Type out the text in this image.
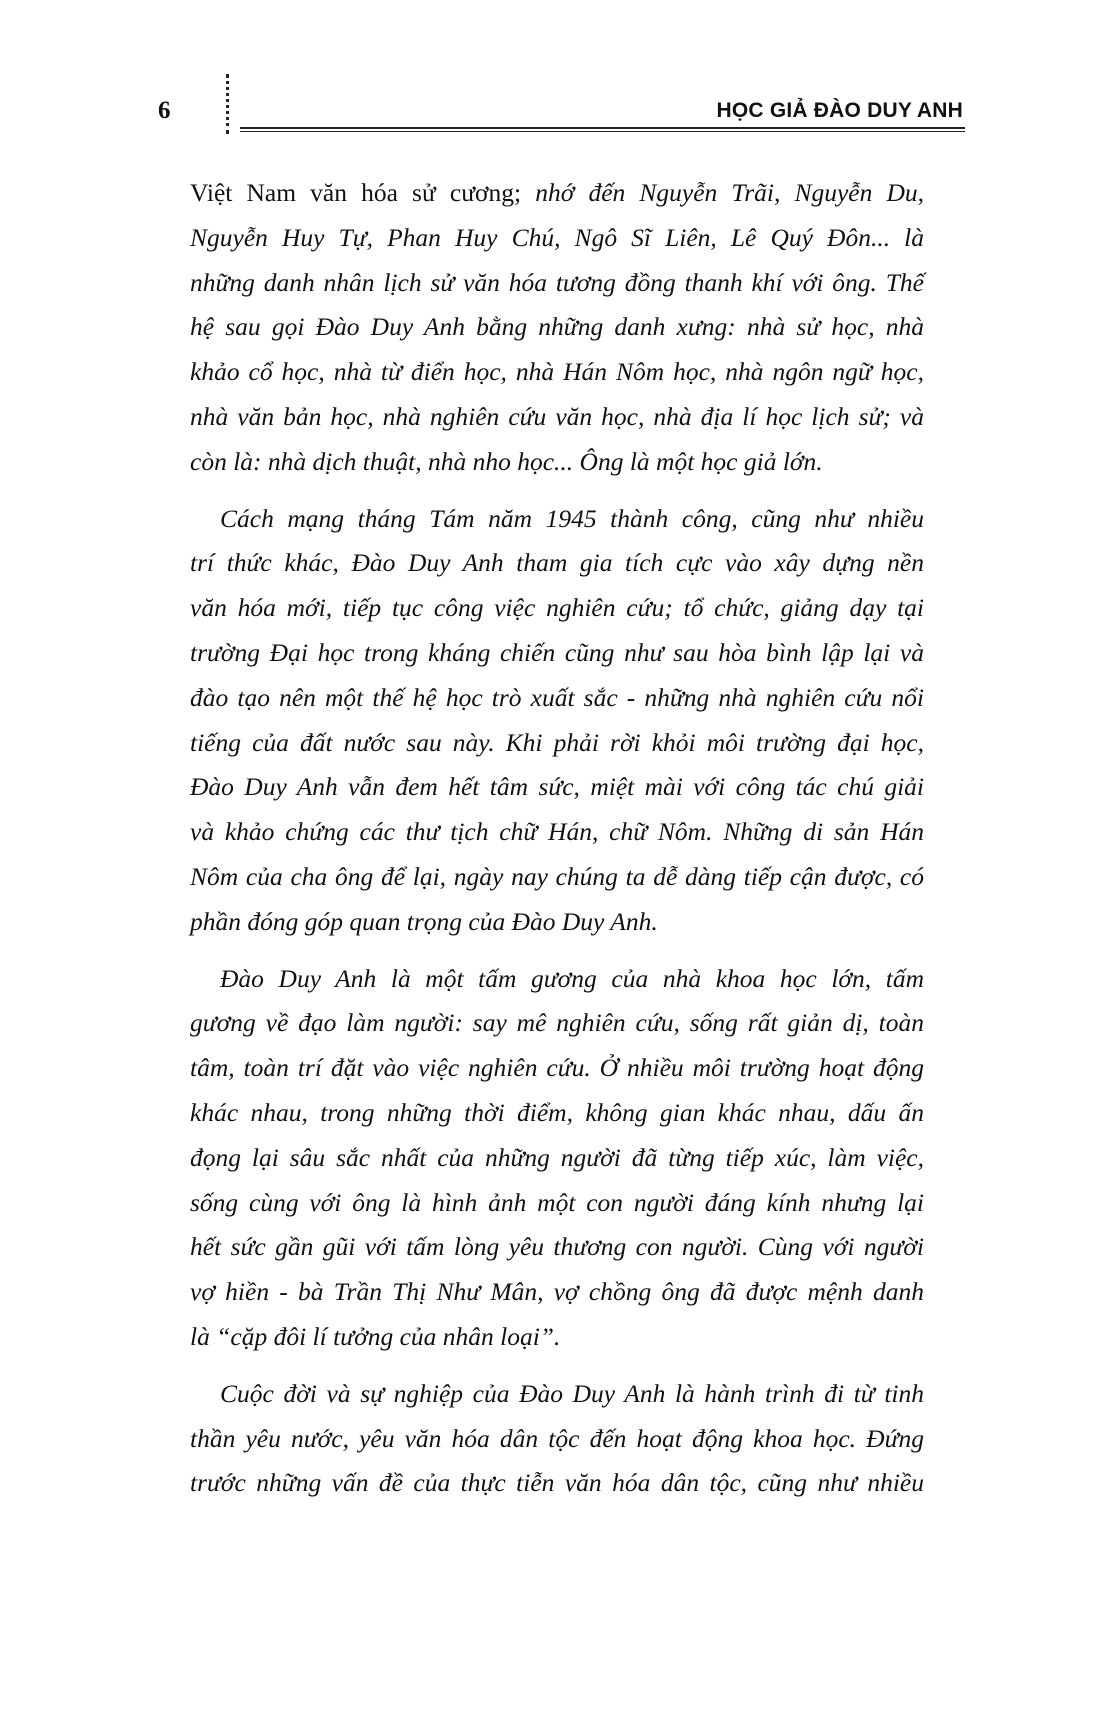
6	HỌC GIẢ ĐÀO DUY ANH
Việt Nam văn hóa sử cương; nhớ đến Nguyễn Trãi, Nguyễn Du,
Nguyễn Huy Tự, Phan Huy Chú, Ngô Sĩ Liên, Lê Quý Đôn... là
những danh nhân lịch sử văn hóa tương đồng thanh khí với ông. Thế
hệ sau gọi Đào Duy Anh bằng những danh xưng: nhà sử học, nhà
khảo cổ học, nhà từ điển học, nhà Hán Nôm học, nhà ngôn ngữ học,
nhà văn bản học, nhà nghiên cứu văn học, nhà địa lí học lịch sử; và
còn là: nhà dịch thuật, nhà nho học... Ông là một học giả lớn.
Cách mạng tháng Tám năm 1945 thành công, cũng như nhiều
trí thức khác, Đào Duy Anh tham gia tích cực vào xây dựng nền
văn hóa mới, tiếp tục công việc nghiên cứu; tổ chức, giảng dạy tại
trường Đại học trong kháng chiến cũng như sau hòa bình lập lại và
đào tạo nên một thế hệ học trò xuất sắc - những nhà nghiên cứu nổi
tiếng của đất nước sau này. Khi phải rời khỏi môi trường đại học,
Đào Duy Anh vẫn đem hết tâm sức, miệt mài với công tác chú giải
và khảo chứng các thư tịch chữ Hán, chữ Nôm. Những di sản Hán
Nôm của cha ông để lại, ngày nay chúng ta dễ dàng tiếp cận được, có
phần đóng góp quan trọng của Đào Duy Anh.
Đào Duy Anh là một tấm gương của nhà khoa học lớn, tấm
gương về đạo làm người: say mê nghiên cứu, sống rất giản dị, toàn
tâm, toàn trí đặt vào việc nghiên cứu. Ở nhiều môi trường hoạt động
khác nhau, trong những thời điểm, không gian khác nhau, dấu ấn
đọng lại sâu sắc nhất của những người đã từng tiếp xúc, làm việc,
sống cùng với ông là hình ảnh một con người đáng kính nhưng lại
hết sức gần gũi với tấm lòng yêu thương con người. Cùng với người
vợ hiền - bà Trần Thị Như Mân, vợ chồng ông đã được mệnh danh
là “cặp đôi lí tưởng của nhân loại”.
Cuộc đời và sự nghiệp của Đào Duy Anh là hành trình đi từ tinh
thần yêu nước, yêu văn hóa dân tộc đến hoạt động khoa học. Đứng
trước những vấn đề của thực tiễn văn hóa dân tộc, cũng như nhiều
